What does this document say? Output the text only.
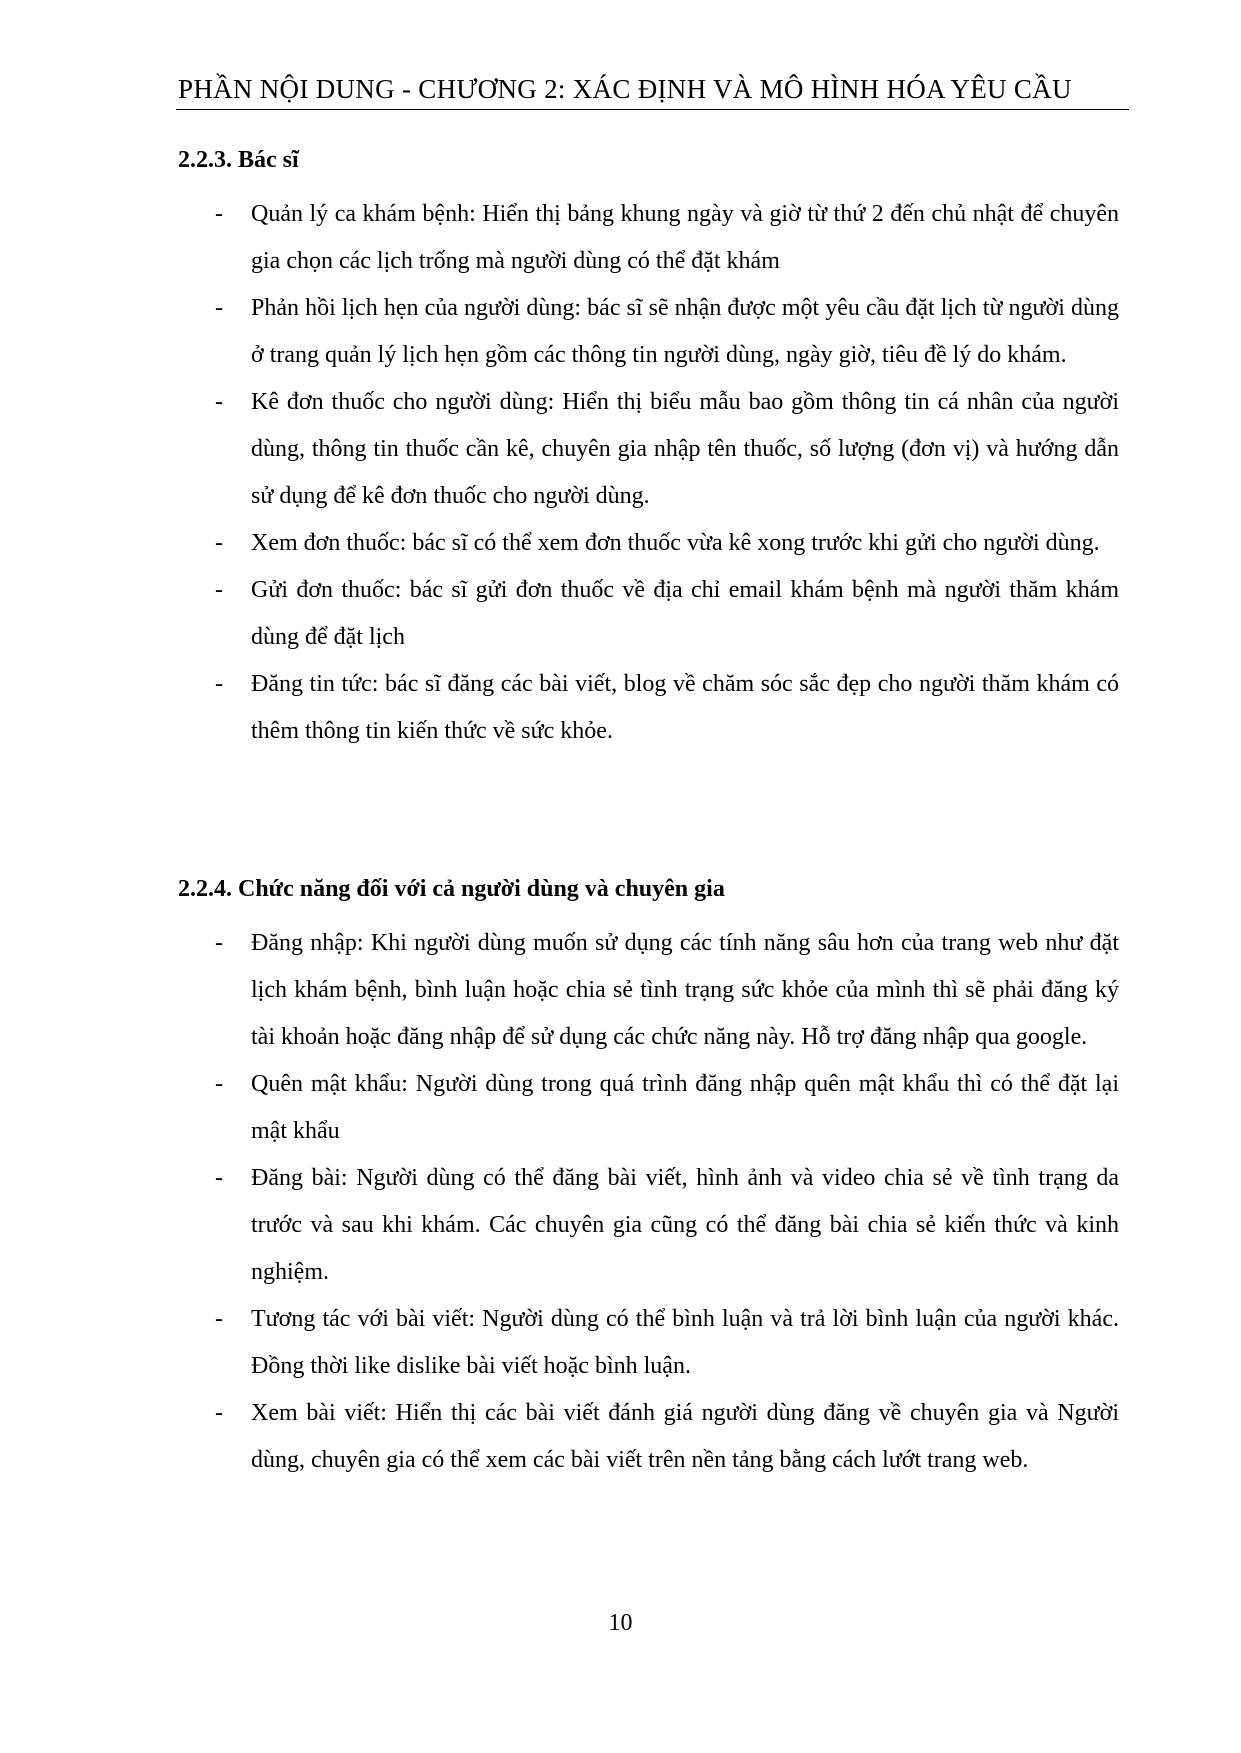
PHẦN NỘI DUNG - CHƯƠNG 2: XÁC ĐỊNH VÀ MÔ HÌNH HÓA YÊU CẦU
2.2.3. Bác sĩ
- Quản lý ca khám bệnh: Hiển thị bảng khung ngày và giờ từ thứ 2 đến chủ nhật để chuyên gia chọn các lịch trống mà người dùng có thể đặt khám
- Phản hồi lịch hẹn của người dùng: bác sĩ sẽ nhận được một yêu cầu đặt lịch từ người dùng ở trang quản lý lịch hẹn gồm các thông tin người dùng, ngày giờ, tiêu đề lý do khám.
- Kê đơn thuốc cho người dùng: Hiển thị biểu mẫu bao gồm thông tin cá nhân của người dùng, thông tin thuốc cần kê, chuyên gia nhập tên thuốc, số lượng (đơn vị) và hướng dẫn sử dụng để kê đơn thuốc cho người dùng.
- Xem đơn thuốc: bác sĩ có thể xem đơn thuốc vừa kê xong trước khi gửi cho người dùng.
- Gửi đơn thuốc: bác sĩ gửi đơn thuốc về địa chỉ email khám bệnh mà người thăm khám dùng để đặt lịch
- Đăng tin tức: bác sĩ đăng các bài viết, blog về chăm sóc sắc đẹp cho người thăm khám có thêm thông tin kiến thức về sức khỏe.
2.2.4. Chức năng đối với cả người dùng và chuyên gia
- Đăng nhập: Khi người dùng muốn sử dụng các tính năng sâu hơn của trang web như đặt lịch khám bệnh, bình luận hoặc chia sẻ tình trạng sức khỏe của mình thì sẽ phải đăng ký tài khoản hoặc đăng nhập để sử dụng các chức năng này. Hỗ trợ đăng nhập qua google.
- Quên mật khẩu: Người dùng trong quá trình đăng nhập quên mật khẩu thì có thể đặt lại mật khẩu
- Đăng bài: Người dùng có thể đăng bài viết, hình ảnh và video chia sẻ về tình trạng da trước và sau khi khám. Các chuyên gia cũng có thể đăng bài chia sẻ kiến thức và kinh nghiệm.
- Tương tác với bài viết: Người dùng có thể bình luận và trả lời bình luận của người khác. Đồng thời like dislike bài viết hoặc bình luận.
- Xem bài viết: Hiển thị các bài viết đánh giá người dùng đăng về chuyên gia và Người dùng, chuyên gia có thể xem các bài viết trên nền tảng bằng cách lướt trang web.
10
